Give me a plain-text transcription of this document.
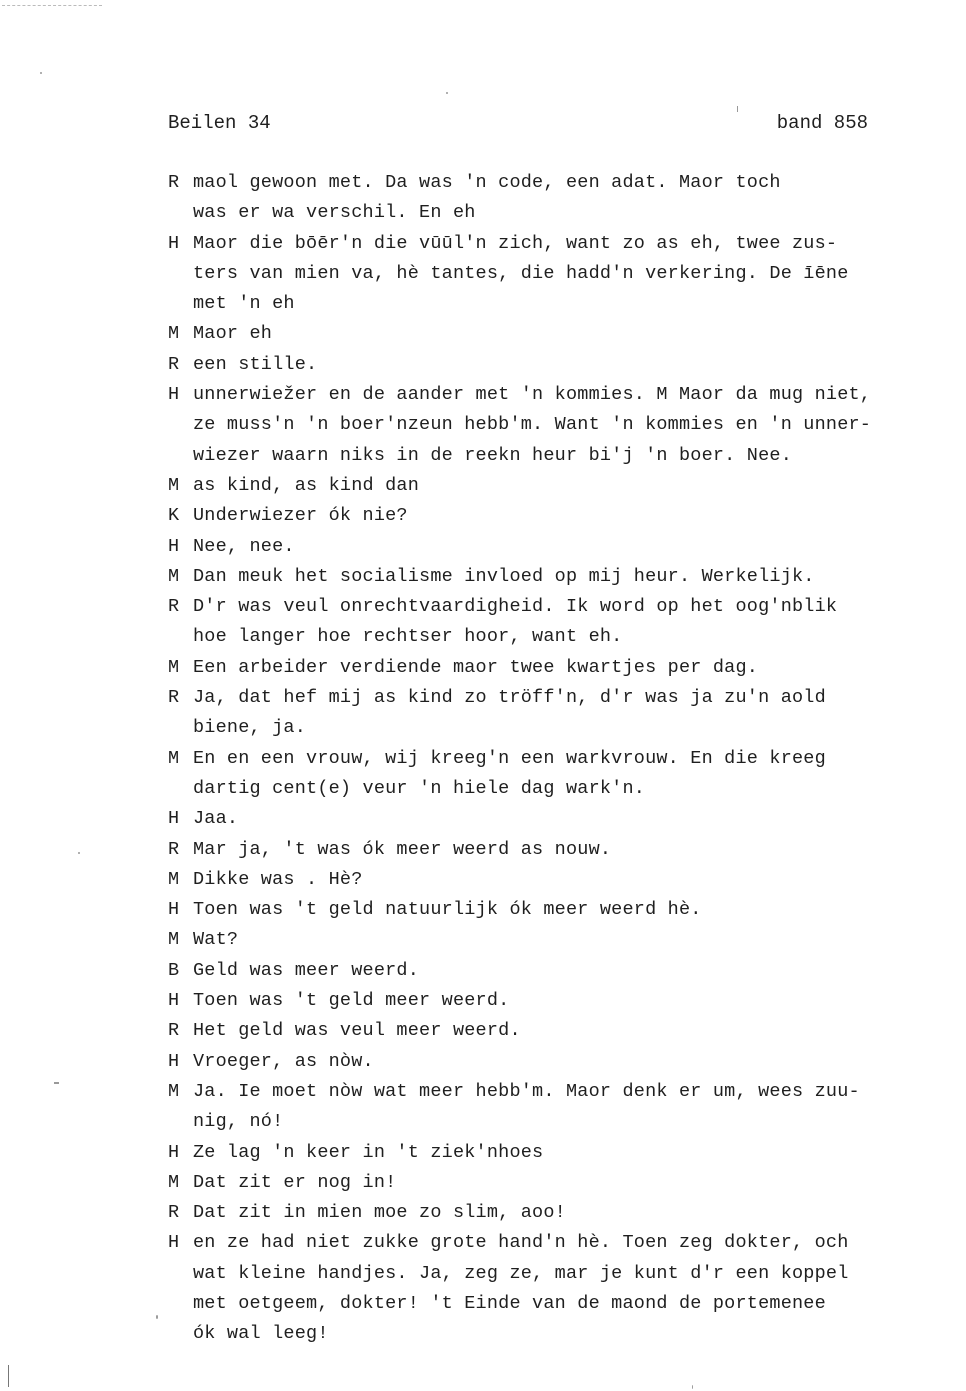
Beilen 34	band 858
R maol gewoon met. Da was 'n code, een adat. Maor toch
was er wa verschil. En eh
H Maor die bōēr'n die vūūl'n zich, want zo as eh, twee zus-
ters van mien va, hè tantes, die hadd'n verkering. De īēne
met 'n eh
M Maor eh
R een stille.
H unnerwiežer en de aander met 'n kommies. M Maor da mug niet,
ze muss'n 'n boer'nzeun hebb'm. Want 'n kommies en 'n unner-
wiezer waarn niks in de reekn heur bi'j 'n boer. Nee.
M as kind, as kind dan
K Underwiezer ók nie?
H Nee, nee.
M Dan meuk het socialisme invloed op mij heur. Werkelijk.
R D'r was veul onrechtvaardigheid. Ik word op het oog'nblik
hoe langer hoe rechtser hoor, want eh.
M Een arbeider verdiende maor twee kwartjes per dag.
R Ja, dat hef mij as kind zo tröff'n, d'r was ja zu'n aold
biene, ja.
M En en een vrouw, wij kreeg'n een warkvrouw. En die kreeg
dartig cent(e) veur 'n hiele dag wark'n.
H Jaa.
R Mar ja, 't was ók meer weerd as nouw.
M Dikke was . Hè?
H Toen was 't geld natuurlijk ók meer weerd hè.
M Wat?
B Geld was meer weerd.
H Toen was 't geld meer weerd.
R Het geld was veul meer weerd.
H Vroeger, as nòw.
M Ja. Ie moet nòw wat meer hebb'm. Maor denk er um, wees zuu-
nig, nó!
H Ze lag 'n keer in 't ziek'nhoes
M Dat zit er nog in!
R Dat zit in mien moe zo slim, aoo!
H en ze had niet zukke grote hand'n hè. Toen zeg dokter, och
wat kleine handjes. Ja, zeg ze, mar je kunt d'r een koppel
met oetgeem, dokter! 't Einde van de maond de portemenee
ók wal leeg!
